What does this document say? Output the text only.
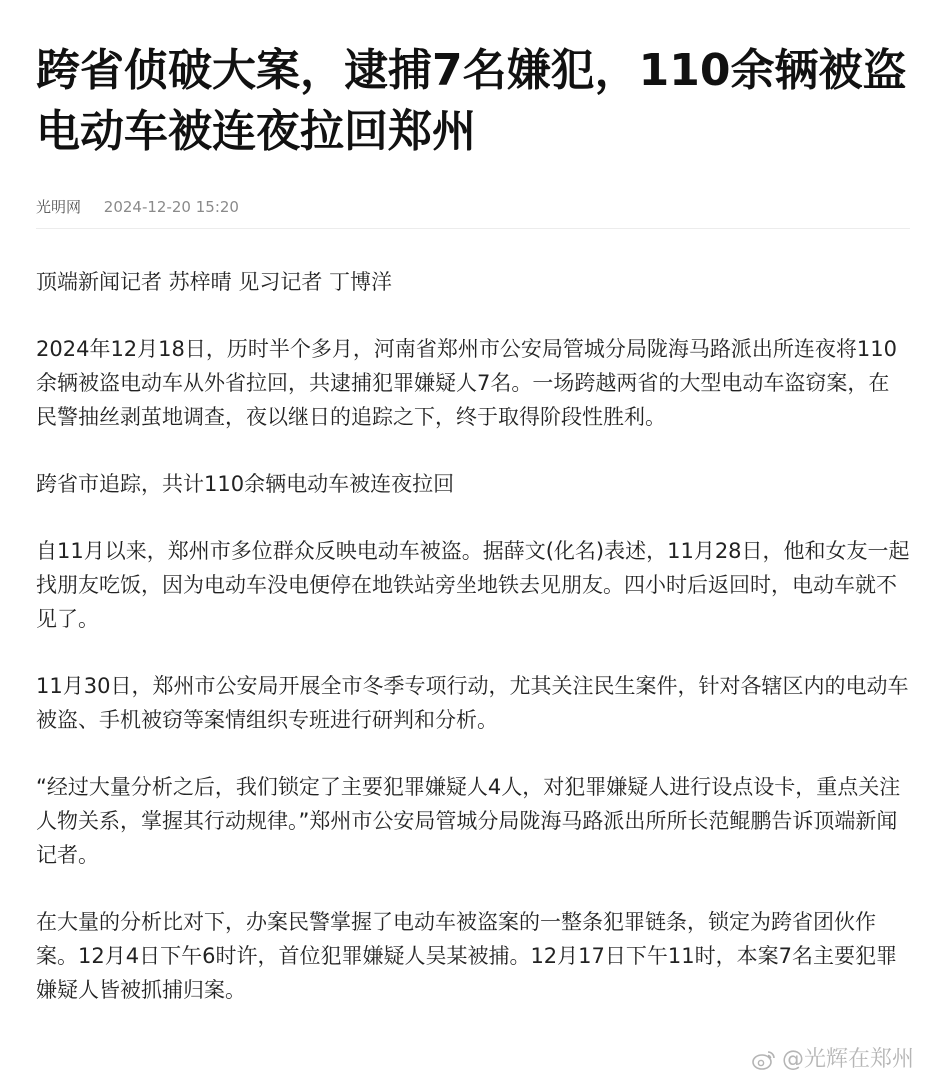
跨省侦破大案，逮捕7名嫌犯，110余辆被盗电动车被连夜拉回郑州
光明网 2024-12-20 15:20

顶端新闻记者 苏梓晴 见习记者 丁博洋

2024年12月18日，历时半个多月，河南省郑州市公安局管城分局陇海马路派出所连夜将110余辆被盗电动车从外省拉回，共逮捕犯罪嫌疑人7名。一场跨越两省的大型电动车盗窃案，在民警抽丝剥茧地调查，夜以继日的追踪之下，终于取得阶段性胜利。

跨省市追踪，共计110余辆电动车被连夜拉回

自11月以来，郑州市多位群众反映电动车被盗。据薛文(化名)表述，11月28日，他和女友一起找朋友吃饭，因为电动车没电便停在地铁站旁坐地铁去见朋友。四小时后返回时，电动车就不见了。

11月30日，郑州市公安局开展全市冬季专项行动，尤其关注民生案件，针对各辖区内的电动车被盗、手机被窃等案情组织专班进行研判和分析。

“经过大量分析之后，我们锁定了主要犯罪嫌疑人4人，对犯罪嫌疑人进行设点设卡，重点关注人物关系，掌握其行动规律。”郑州市公安局管城分局陇海马路派出所所长范鲲鹏告诉顶端新闻记者。

在大量的分析比对下，办案民警掌握了电动车被盗案的一整条犯罪链条，锁定为跨省团伙作案。12月4日下午6时许，首位犯罪嫌疑人吴某被捕。12月17日下午11时，本案7名主要犯罪嫌疑人皆被抓捕归案。

@光辉在郑州
